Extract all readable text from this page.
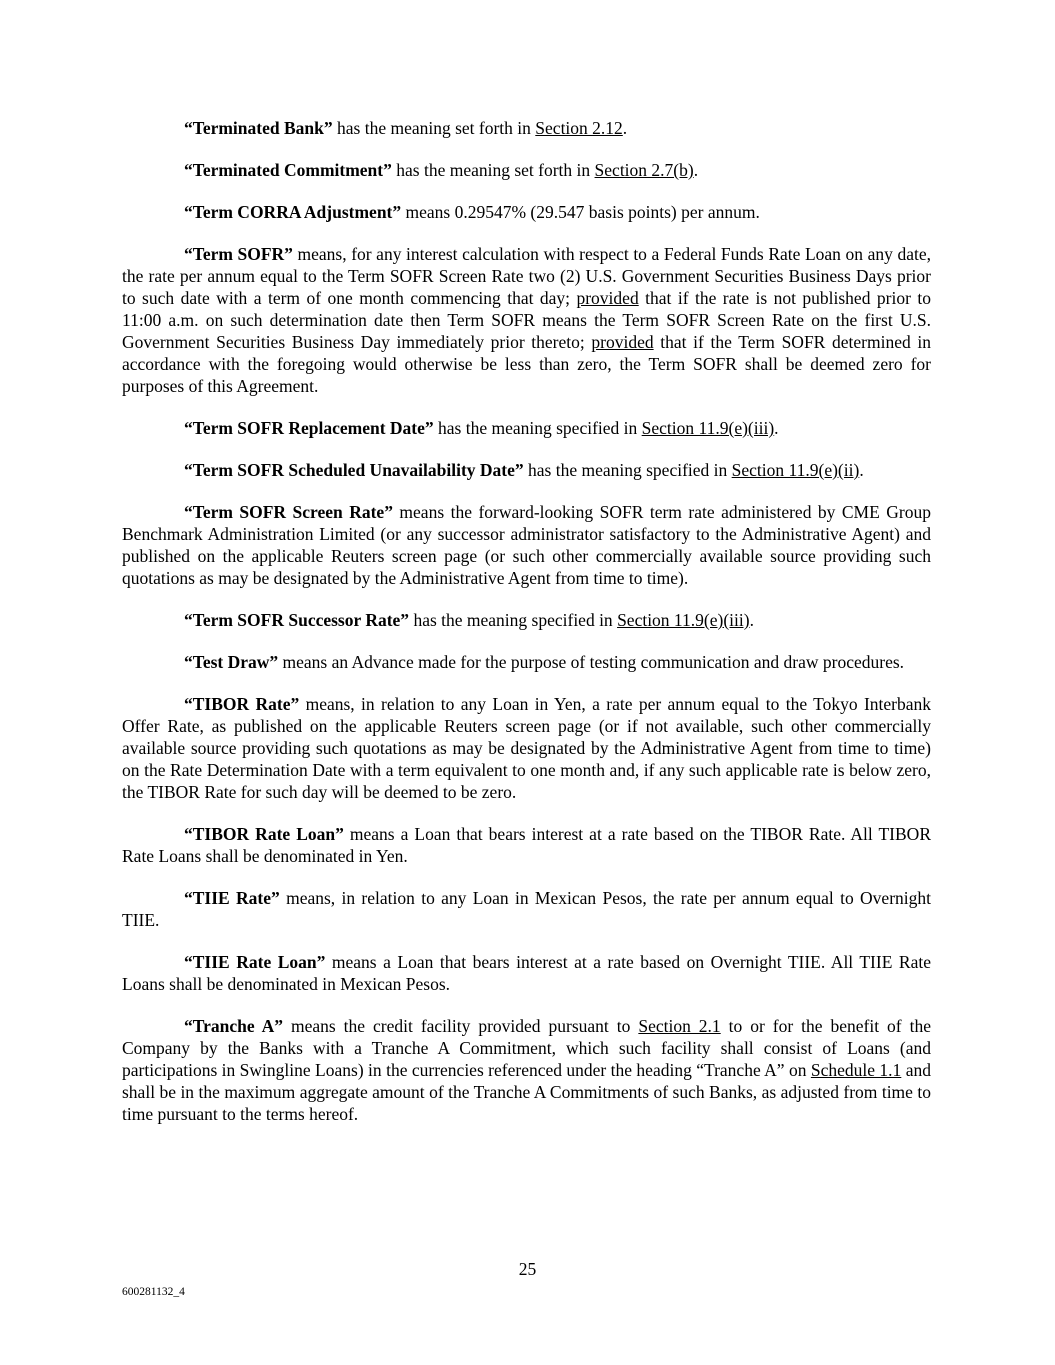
“Terminated Bank” has the meaning set forth in Section 2.12.

“Terminated Commitment” has the meaning set forth in Section 2.7(b).

“Term CORRA Adjustment” means 0.29547% (29.547 basis points) per annum.

“Term SOFR” means, for any interest calculation with respect to a Federal Funds Rate Loan on any date, the rate per annum equal to the Term SOFR Screen Rate two (2) U.S. Government Securities Business Days prior to such date with a term of one month commencing that day; provided that if the rate is not published prior to 11:00 a.m. on such determination date then Term SOFR means the Term SOFR Screen Rate on the first U.S. Government Securities Business Day immediately prior thereto; provided that if the Term SOFR determined in accordance with the foregoing would otherwise be less than zero, the Term SOFR shall be deemed zero for purposes of this Agreement.

“Term SOFR Replacement Date” has the meaning specified in Section 11.9(e)(iii).

“Term SOFR Scheduled Unavailability Date” has the meaning specified in Section 11.9(e)(ii).

“Term SOFR Screen Rate” means the forward-looking SOFR term rate administered by CME Group Benchmark Administration Limited (or any successor administrator satisfactory to the Administrative Agent) and published on the applicable Reuters screen page (or such other commercially available source providing such quotations as may be designated by the Administrative Agent from time to time).

“Term SOFR Successor Rate” has the meaning specified in Section 11.9(e)(iii).

“Test Draw” means an Advance made for the purpose of testing communication and draw procedures.

“TIBOR Rate” means, in relation to any Loan in Yen, a rate per annum equal to the Tokyo Interbank Offer Rate, as published on the applicable Reuters screen page (or if not available, such other commercially available source providing such quotations as may be designated by the Administrative Agent from time to time) on the Rate Determination Date with a term equivalent to one month and, if any such applicable rate is below zero, the TIBOR Rate for such day will be deemed to be zero.

“TIBOR Rate Loan” means a Loan that bears interest at a rate based on the TIBOR Rate. All TIBOR Rate Loans shall be denominated in Yen.

“TIIE Rate” means, in relation to any Loan in Mexican Pesos, the rate per annum equal to Overnight TIIE.

“TIIE Rate Loan” means a Loan that bears interest at a rate based on Overnight TIIE. All TIIE Rate Loans shall be denominated in Mexican Pesos.

“Tranche A” means the credit facility provided pursuant to Section 2.1 to or for the benefit of the Company by the Banks with a Tranche A Commitment, which such facility shall consist of Loans (and participations in Swingline Loans) in the currencies referenced under the heading “Tranche A” on Schedule 1.1 and shall be in the maximum aggregate amount of the Tranche A Commitments of such Banks, as adjusted from time to time pursuant to the terms hereof.

25
600281132_4
